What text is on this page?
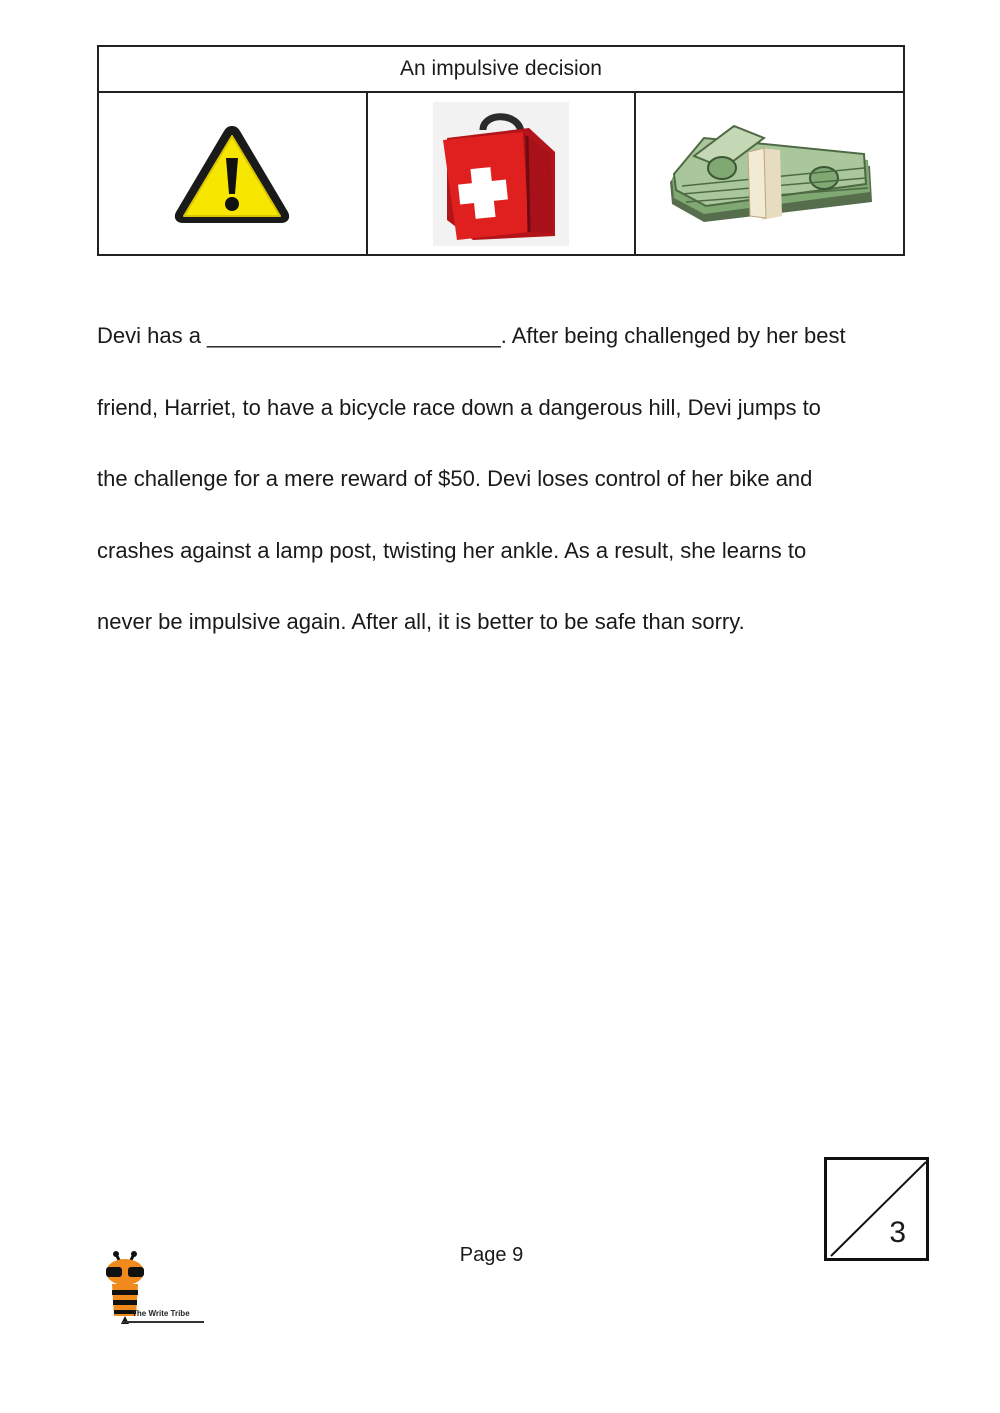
An impulsive decision

Devi has a ________________________. After being challenged by her best

friend, Harriet, to have a bicycle race down a dangerous hill, Devi jumps to

the challenge for a mere reward of $50. Devi loses control of her bike and

crashes against a lamp post, twisting her ankle. As a result, she learns to

never be impulsive again. After all, it is better to be safe than sorry.

3
Page 9
The Write Tribe
